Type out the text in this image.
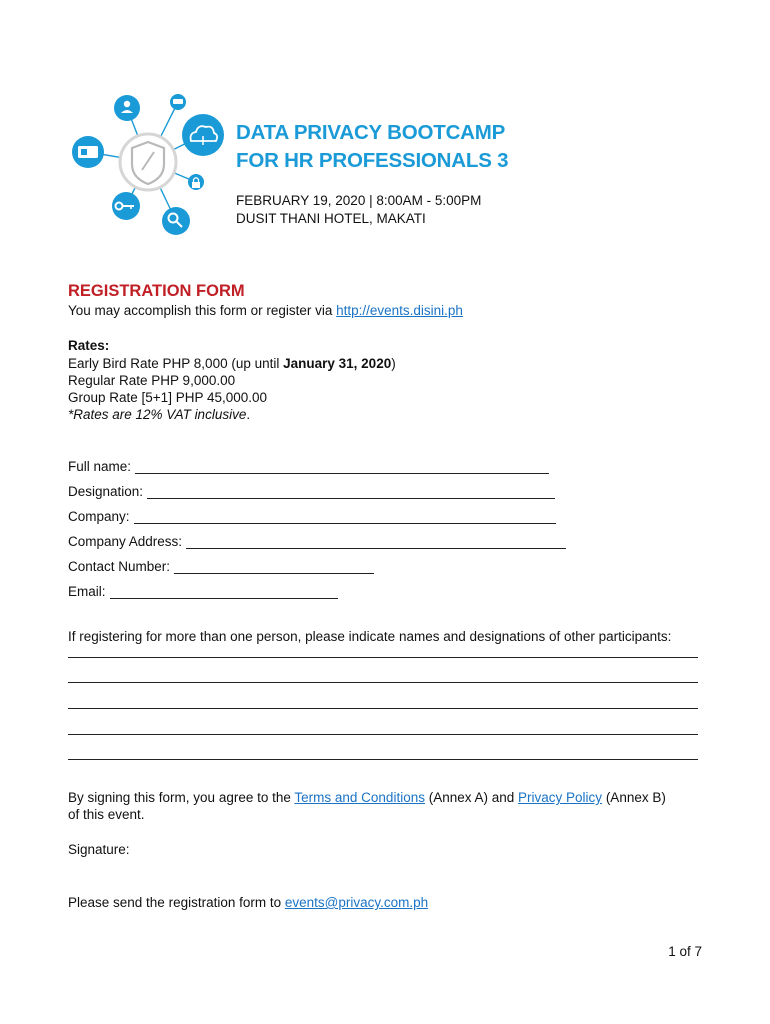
DATA PRIVACY BOOTCAMP
FOR HR PROFESSIONALS 3
FEBRUARY 19, 2020 | 8:00AM - 5:00PM
DUSIT THANI HOTEL, MAKATI
REGISTRATION FORM
You may accomplish this form or register via http://events.disini.ph
Rates:
Early Bird Rate PHP 8,000 (up until January 31, 2020)
Regular Rate PHP 9,000.00
Group Rate [5+1] PHP 45,000.00
*Rates are 12% VAT inclusive.
Full name:
Designation:
Company:
Company Address:
Contact Number:
Email:
If registering for more than one person, please indicate names and designations of other participants:
By signing this form, you agree to the Terms and Conditions (Annex A) and Privacy Policy (Annex B)
of this event.
Signature:
Please send the registration form to events@privacy.com.ph
1 of 7
